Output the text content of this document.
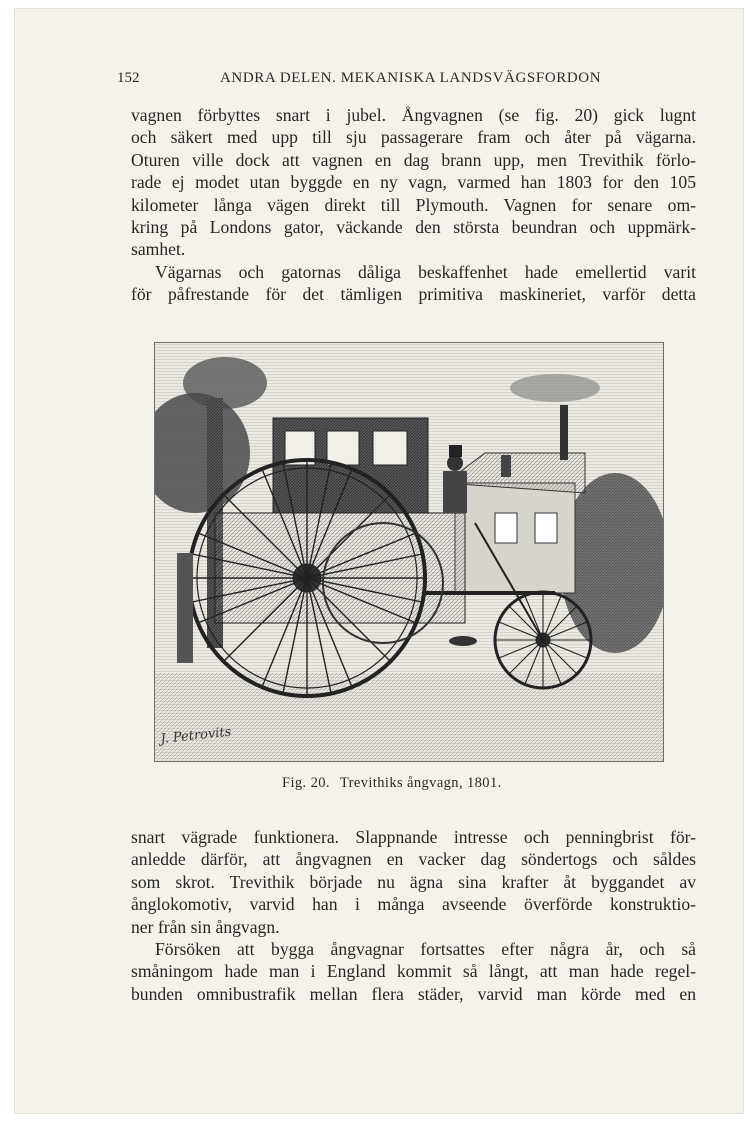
152	ANDRA DELEN. MEKANISKA LANDSVÄGSFORDON
vagnen förbyttes snart i jubel. Ångvagnen (se fig. 20) gick lugnt
och säkert med upp till sju passagerare fram och åter på vägarna.
Oturen ville dock att vagnen en dag brann upp, men Trevithik förlo-
rade ej modet utan byggde en ny vagn, varmed han 1803 for den 105
kilometer långa vägen direkt till Plymouth. Vagnen for senare om-
kring på Londons gator, väckande den största beundran och uppmärk-
samhet.
Vägarnas och gatornas dåliga beskaffenhet hade emellertid varit
för påfrestande för det tämligen primitiva maskineriet, varför detta
J. Petrovits
Fig. 20. Trevithiks ångvagn, 1801.
snart vägrade funktionera. Slappnande intresse och penningbrist för-
anledde därför, att ångvagnen en vacker dag söndertogs och såldes
som skrot. Trevithik började nu ägna sina krafter åt byggandet av
ånglokomotiv, varvid han i många avseende överförde konstruktio-
ner från sin ångvagn.
Försöken att bygga ångvagnar fortsattes efter några år, och så
småningom hade man i England kommit så långt, att man hade regel-
bunden omnibustrafik mellan flera städer, varvid man körde med en
